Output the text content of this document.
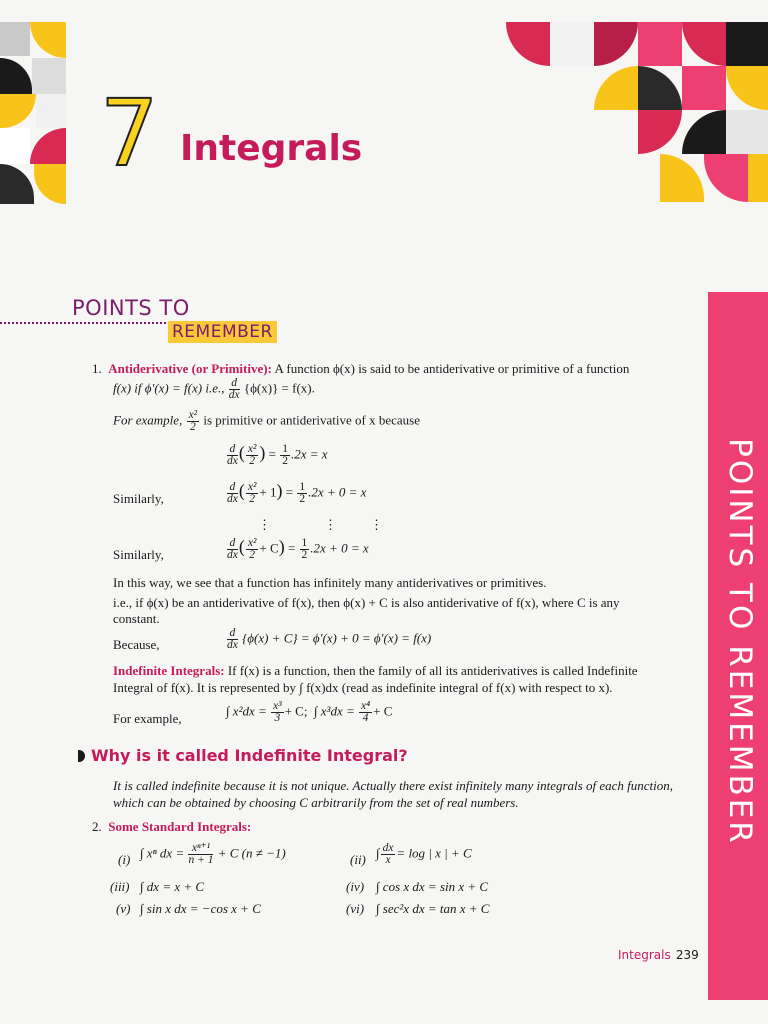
7 Integrals
POINTS TO
REMEMBER
POINTS TO REMEMBER
1. Antiderivative (or Primitive): A function ϕ(x) is said to be antiderivative or primitive of a function
f(x) if ϕ′(x) = f(x) i.e., $\frac{d}{dx} \{\phi(x)\} = f(x)$.
For example, $\frac{\text{x²}}{2}$ is primitive or antiderivative of x because
$\frac{d}{dx}$ ( $\frac{\text{x²}}{2}$ ) = $\frac{1}{2} .2x = x$
Similarly,	$\frac{d}{dx}$ ( $\frac{\text{x²}}{2} + 1) = \frac{1}{2} .2x + 0 = x$
⋮	⋮	⋮
Similarly,	$\frac{d}{dx}$ ( $\frac{\text{x²}}{2} + C) = \frac{1}{2} .2x + 0 = x$
In this way, we see that a function has infinitely many antiderivatives or primitives.
i.e., if ϕ(x) be an antiderivative of f(x), then ϕ(x) + C is also antiderivative of f(x), where C is any
constant.
Because,	$\frac{d}{dx} \{\phi(x) + C\} = \phi'(x) + 0 = \phi'(x) = f(x)$
Indefinite Integrals: If f(x) is a function, then the family of all its antiderivatives is called Indefinite
Integral of f(x). It is represented by ∫ f(x)dx (read as indefinite integral of f(x) with respect to x).
For example,
∫ $x^2dx = \frac{\text{x³}}{3} + C$; ∫ $x^3dx = \frac{\text{x⁴}}{4} + C$
Why is it called Indefinite Integral?
It is called indefinite because it is not unique. Actually there exist infinitely many integrals of each function,
which can be obtained by choosing C arbitrarily from the set of real numbers.
2. Some Standard Integrals:
(i) ∫ xⁿ dx = $\frac{\text{xⁿ⁺¹}}{n + 1} + C$ (n ≠ −1)	(ii) ∫ $\frac{dx}{x} = \log$ | x | + C
(iii) ∫ dx = x + C	(iv) ∫ cos x dx = sin x + C
(v) ∫ sin x dx = −cos x + C	(vi) ∫ sec²x dx = tan x + C
Integrals 239
